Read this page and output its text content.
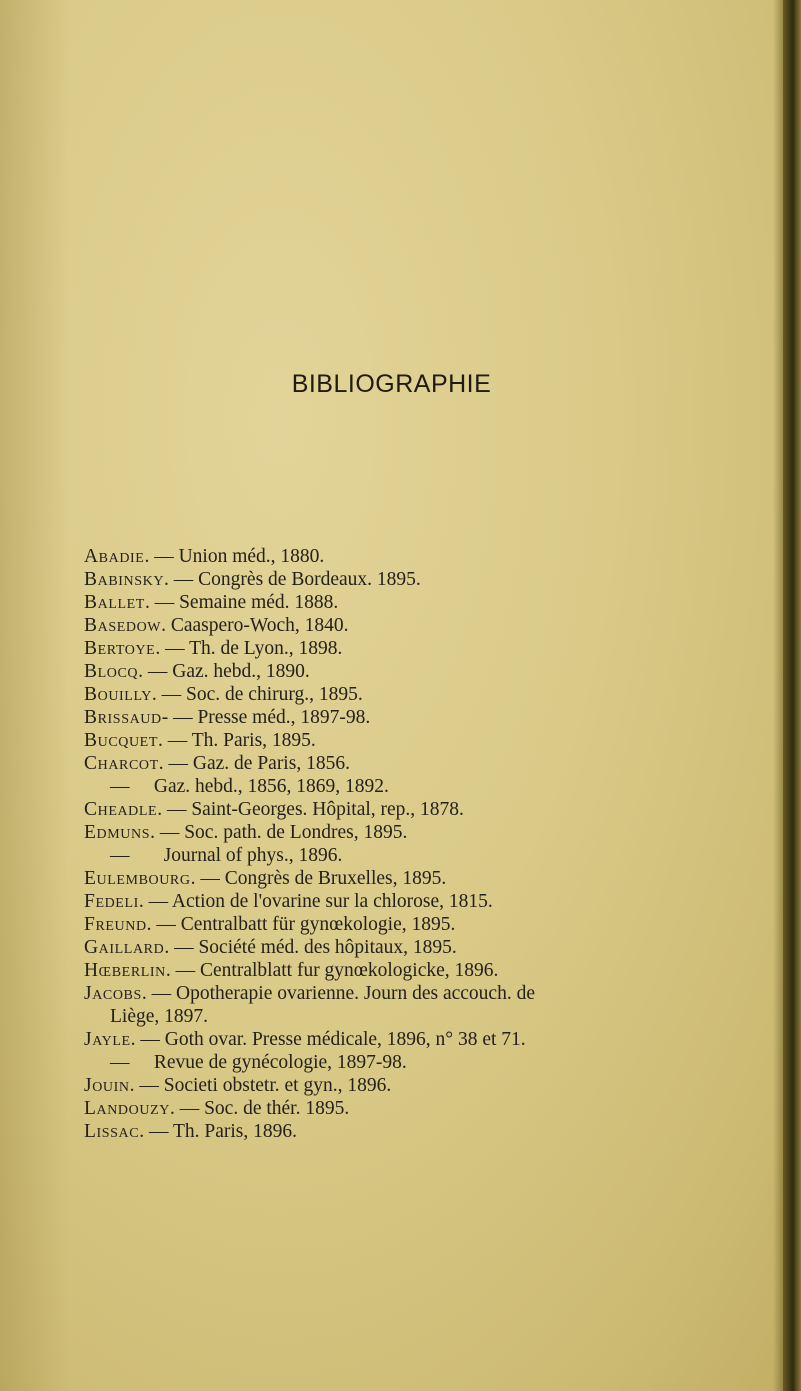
BIBLIOGRAPHIE
Abadie. — Union méd., 1880.
Babinsky. — Congrès de Bordeaux. 1895.
Ballet. — Semaine méd. 1888.
Basedow. Caaspero-Woch, 1840.
Bertoye. — Th. de Lyon., 1898.
Blocq. — Gaz. hebd., 1890.
Bouilly. — Soc. de chirurg., 1895.
Brissaud- — Presse méd., 1897-98.
Bucquet. — Th. Paris, 1895.
Charcot. — Gaz. de Paris, 1856.
—     Gaz. hebd., 1856, 1869, 1892.
Cheadle. — Saint-Georges. Hôpital, rep., 1878.
Edmuns. — Soc. path. de Londres, 1895.
—       Journal of phys., 1896.
Eulembourg. — Congrès de Bruxelles, 1895.
Fedeli. — Action de l'ovarine sur la chlorose, 1815.
Freund. — Centralbatt für gynœkologie, 1895.
Gaillard. — Société méd. des hôpitaux, 1895.
Hœberlin. — Centralblatt fur gynœkologicke, 1896.
Jacobs. — Opotherapie ovarienne. Journ des accouch. de
Liège, 1897.
Jayle. — Goth ovar. Presse médicale, 1896, n° 38 et 71.
—     Revue de gynécologie, 1897-98.
Jouin. — Societi obstetr. et gyn., 1896.
Landouzy. — Soc. de thér. 1895.
Lissac. — Th. Paris, 1896.
